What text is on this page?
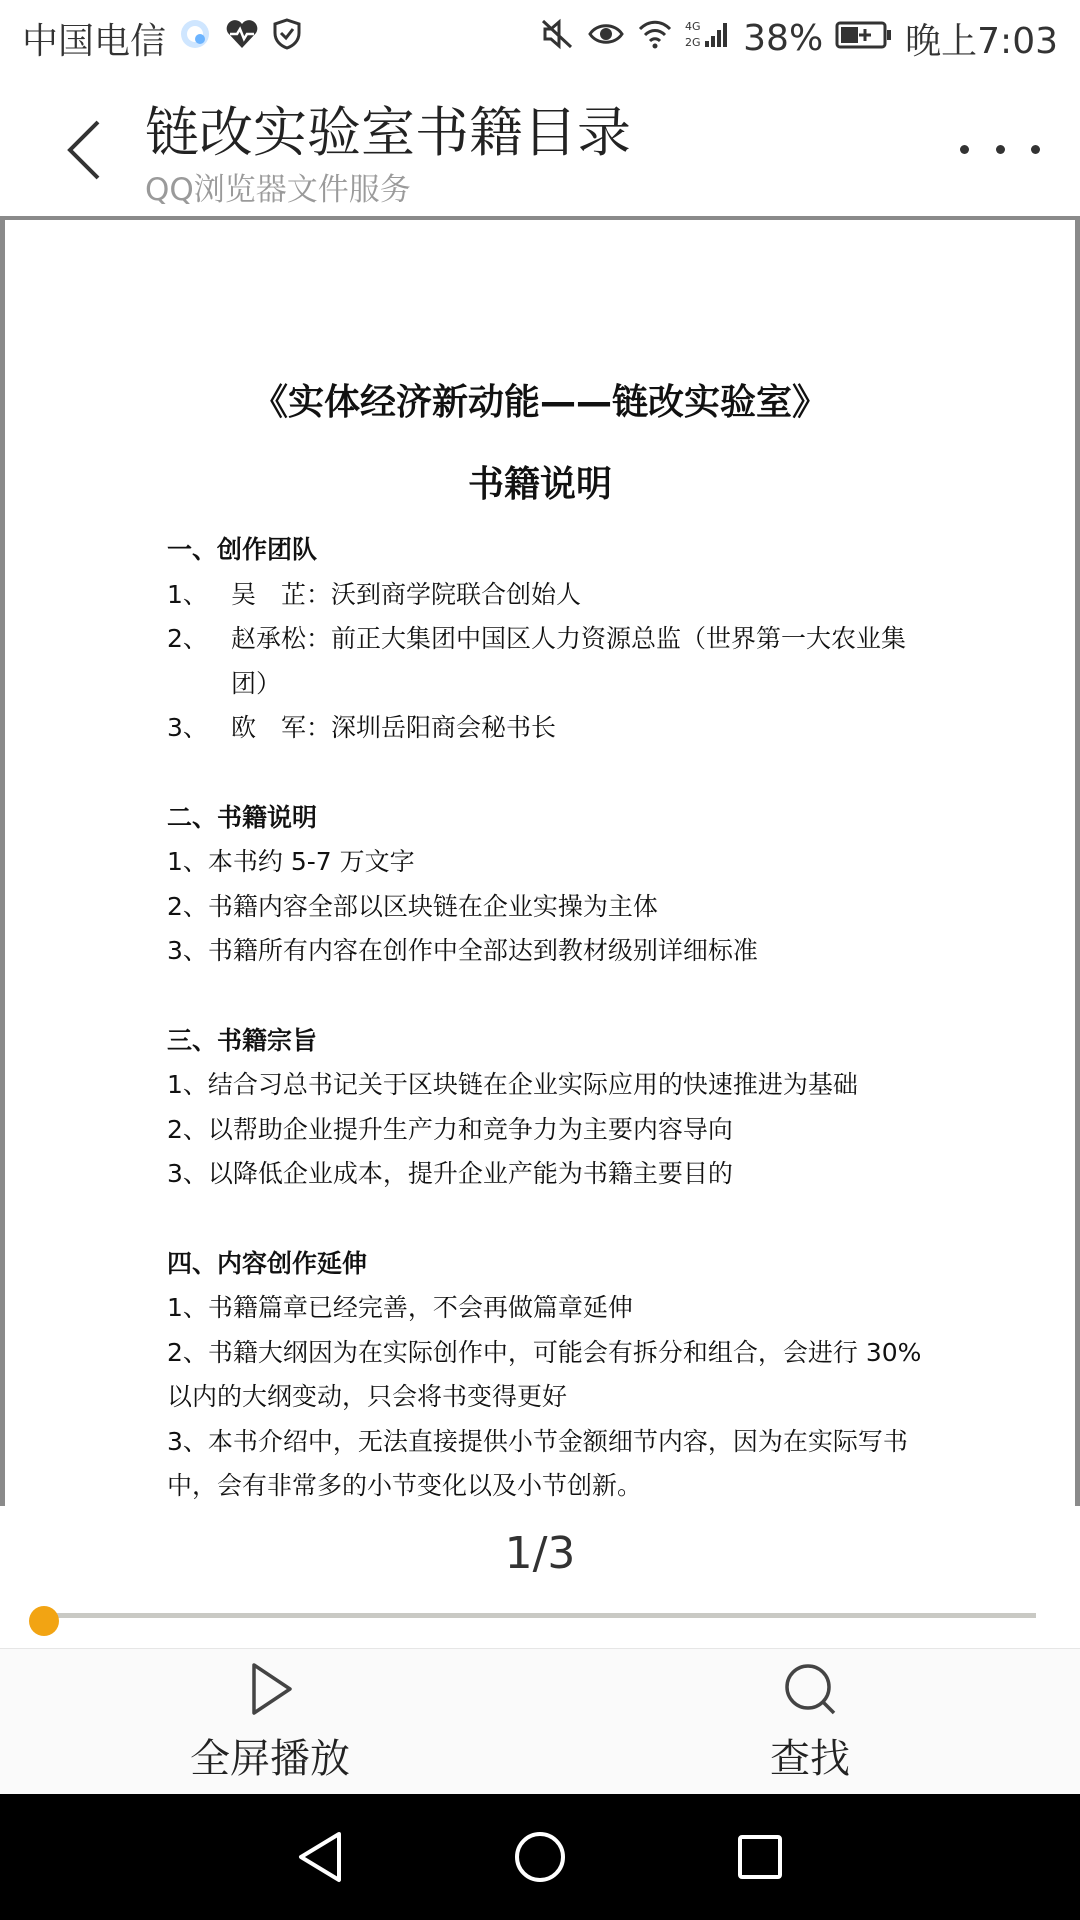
中国电信	4G
2G 38% 晚上7:03
链改实验室书籍目录
QQ浏览器文件服务
《实体经济新动能——链改实验室》
书籍说明
一、创作团队
1、 吴　芷：沃到商学院联合创始人
2、 赵承松：前正大集团中国区人力资源总监（世界第一大农业集团）
3、 欧　军：深圳岳阳商会秘书长
二、书籍说明
1、本书约 5-7 万文字
2、书籍内容全部以区块链在企业实操为主体
3、书籍所有内容在创作中全部达到教材级别详细标准
三、书籍宗旨
1、结合习总书记关于区块链在企业实际应用的快速推进为基础
2、以帮助企业提升生产力和竞争力为主要内容导向
3、以降低企业成本，提升企业产能为书籍主要目的
四、内容创作延伸
1、书籍篇章已经完善，不会再做篇章延伸
2、书籍大纲因为在实际创作中，可能会有拆分和组合，会进行 30%以内的大纲变动，只会将书变得更好
3、本书介绍中，无法直接提供小节金额细节内容，因为在实际写书中，会有非常多的小节变化以及小节创新。
1/3
全屏播放	查找
